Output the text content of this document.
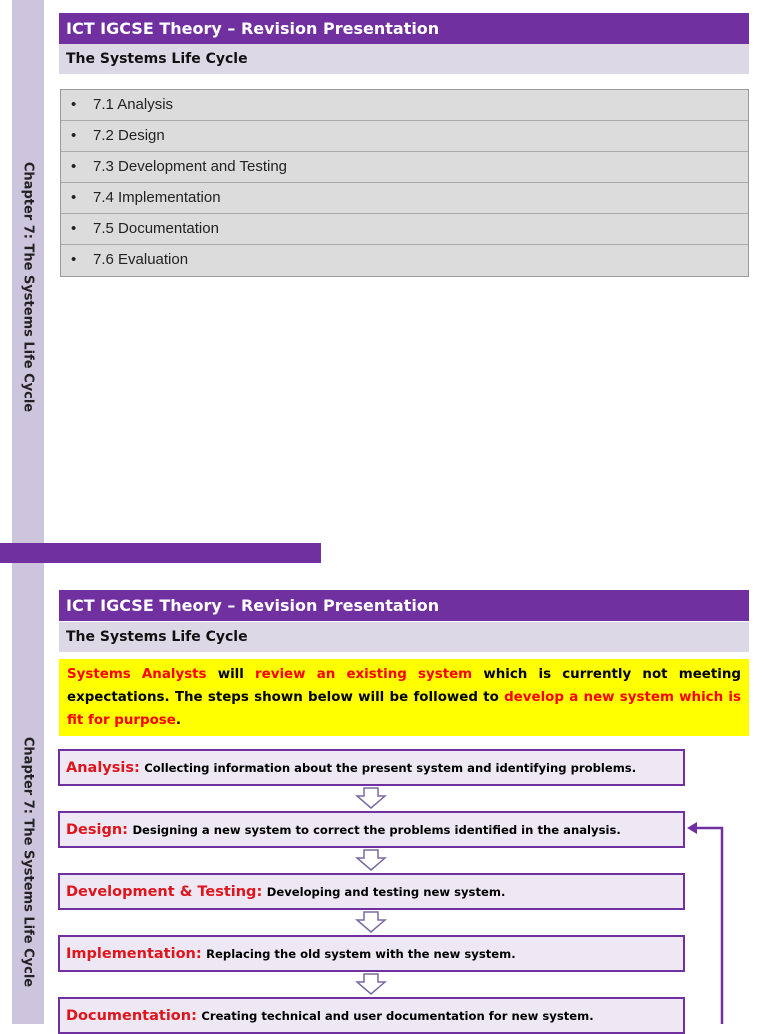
Chapter 7: The Systems Life Cycle
ICT IGCSE Theory – Revision Presentation
The Systems Life Cycle
• 7.1 Analysis
• 7.2 Design
• 7.3 Development and Testing
• 7.4 Implementation
• 7.5 Documentation
• 7.6 Evaluation
Chapter 7: The Systems Life Cycle
ICT IGCSE Theory – Revision Presentation
The Systems Life Cycle
Systems Analysts will review an existing system which is currently not meeting expectations. The steps shown below will be followed to develop a new system which is fit for purpose.
Analysis: Collecting information about the present system and identifying problems.
Design: Designing a new system to correct the problems identified in the analysis.
Development & Testing: Developing and testing new system.
Implementation: Replacing the old system with the new system.
Documentation: Creating technical and user documentation for new system.
